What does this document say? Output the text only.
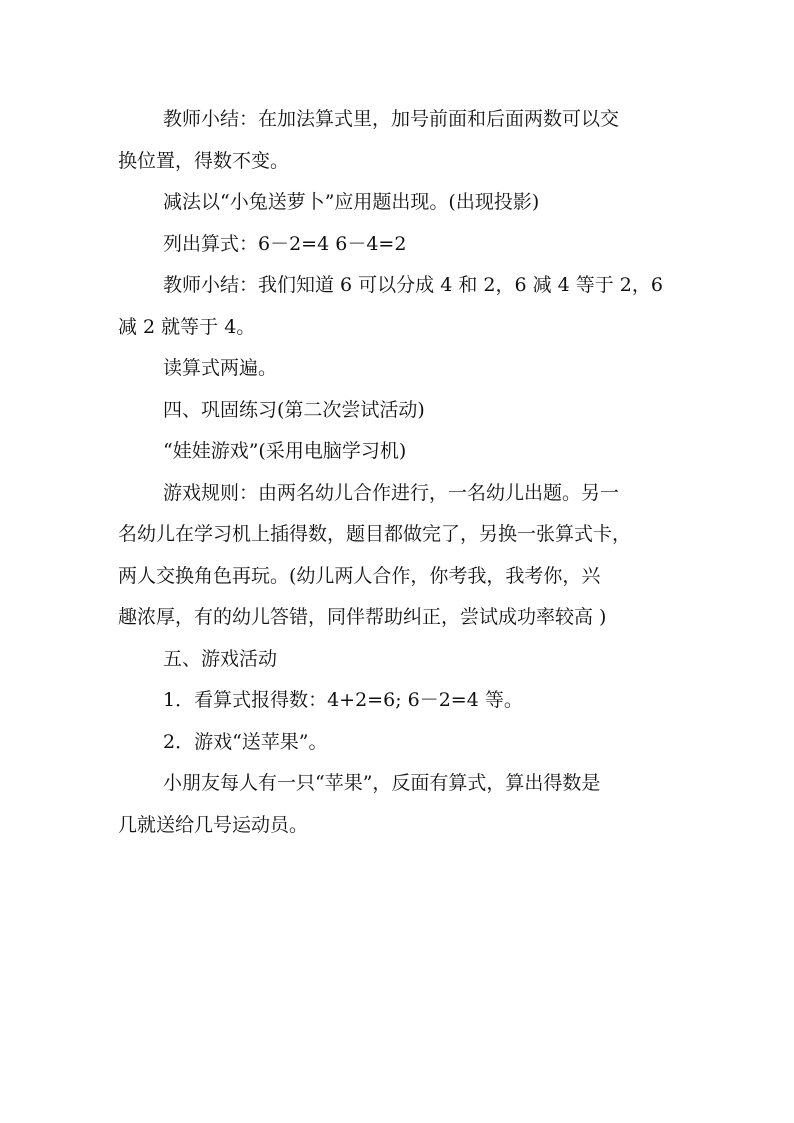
教师小结：在加法算式里，加号前面和后面两数可以交
换位置，得数不变。
减法以“小兔送萝卜”应用题出现。(出现投影)
列出算式：6－2=4 6－4=2
教师小结：我们知道 6 可以分成 4 和 2，6 减 4 等于 2，6
减 2 就等于 4。
读算式两遍。
四、巩固练习(第二次尝试活动)
“娃娃游戏”(采用电脑学习机)
游戏规则：由两名幼儿合作进行，一名幼儿出题。另一
名幼儿在学习机上插得数，题目都做完了，另换一张算式卡，
两人交换角色再玩。(幼儿两人合作，你考我，我考你，兴
趣浓厚，有的幼儿答错，同伴帮助纠正，尝试成功率较高 )
五、游戏活动
1．看算式报得数：4+2=6; 6－2=4 等。
2．游戏“送苹果”。
小朋友每人有一只“苹果”，反面有算式，算出得数是
几就送给几号运动员。
